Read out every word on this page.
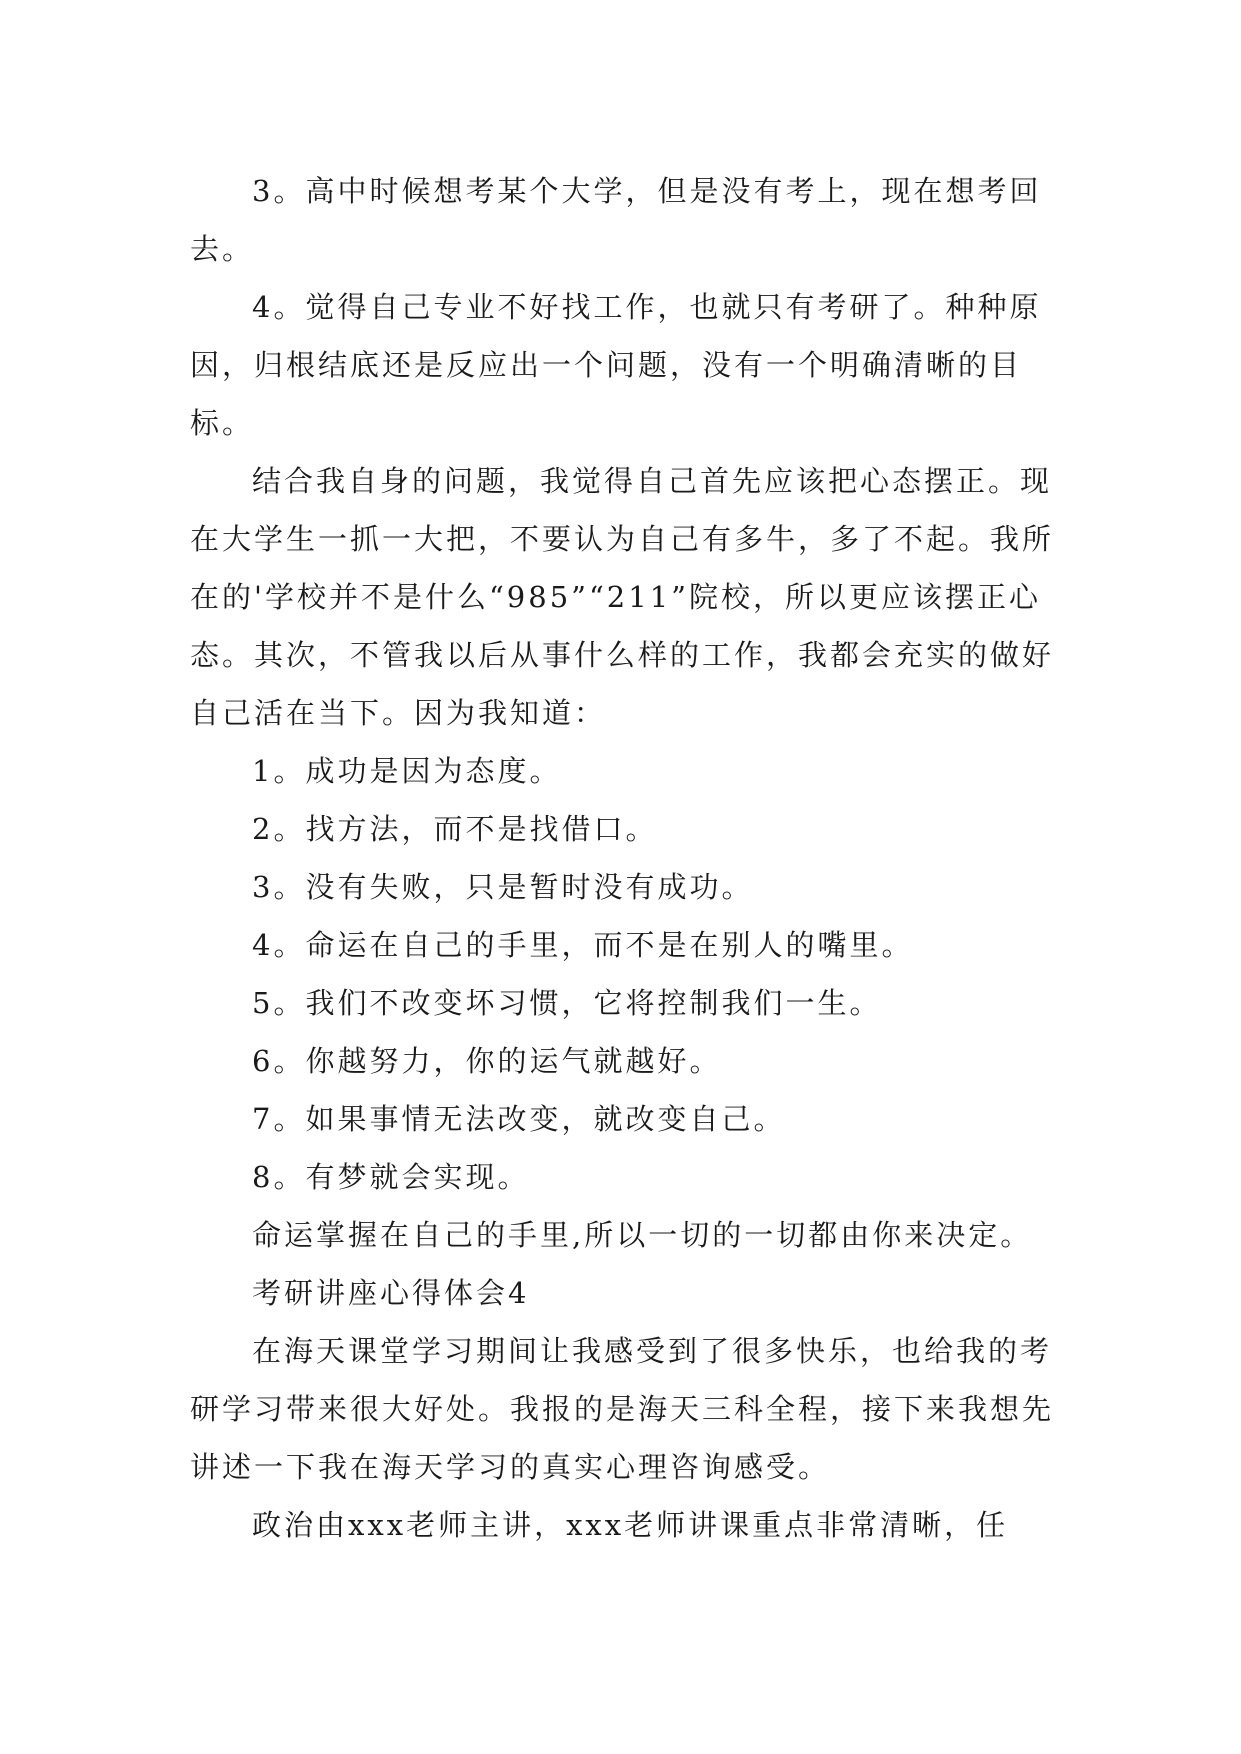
3。高中时候想考某个大学，但是没有考上，现在想考回去。

4。觉得自己专业不好找工作，也就只有考研了。种种原因，归根结底还是反应出一个问题，没有一个明确清晰的目标。

结合我自身的问题，我觉得自己首先应该把心态摆正。现在大学生一抓一大把，不要认为自己有多牛，多了不起。我所在的'学校并不是什么“985”“211”院校，所以更应该摆正心态。其次，不管我以后从事什么样的工作，我都会充实的做好自己活在当下。因为我知道：

1。成功是因为态度。

2。找方法，而不是找借口。

3。没有失败，只是暂时没有成功。

4。命运在自己的手里，而不是在别人的嘴里。

5。我们不改变坏习惯，它将控制我们一生。

6。你越努力，你的运气就越好。

7。如果事情无法改变，就改变自己。

8。有梦就会实现。

命运掌握在自己的手里,所以一切的一切都由你来决定。

考研讲座心得体会4

在海天课堂学习期间让我感受到了很多快乐，也给我的考研学习带来很大好处。我报的是海天三科全程，接下来我想先讲述一下我在海天学习的真实心理咨询感受。

政治由xxx老师主讲，xxx老师讲课重点非常清晰，任
